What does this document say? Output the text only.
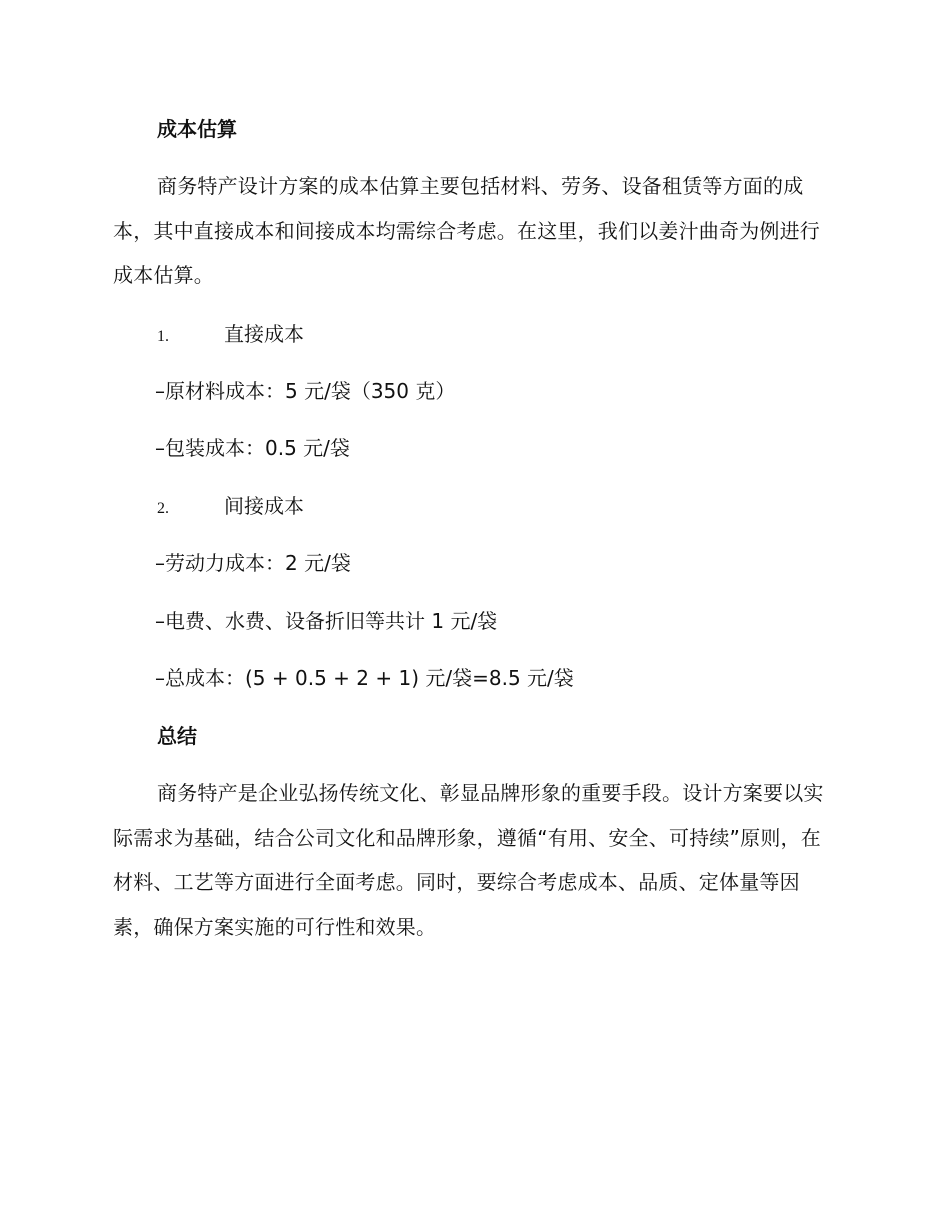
成本估算

商务特产设计方案的成本估算主要包括材料、劳务、设备租赁等方面的成本，其中直接成本和间接成本均需综合考虑。在这里，我们以姜汁曲奇为例进行成本估算。

1.	直接成本

–原材料成本：5 元/袋（350 克）

–包装成本：0.5 元/袋

2.	间接成本

–劳动力成本：2 元/袋

–电费、水费、设备折旧等共计 1 元/袋

–总成本：(5 + 0.5 + 2 + 1) 元/袋=8.5 元/袋

总结

商务特产是企业弘扬传统文化、彰显品牌形象的重要手段。设计方案要以实际需求为基础，结合公司文化和品牌形象，遵循“有用、安全、可持续”原则，在材料、工艺等方面进行全面考虑。同时，要综合考虑成本、品质、定体量等因素，确保方案实施的可行性和效果。
